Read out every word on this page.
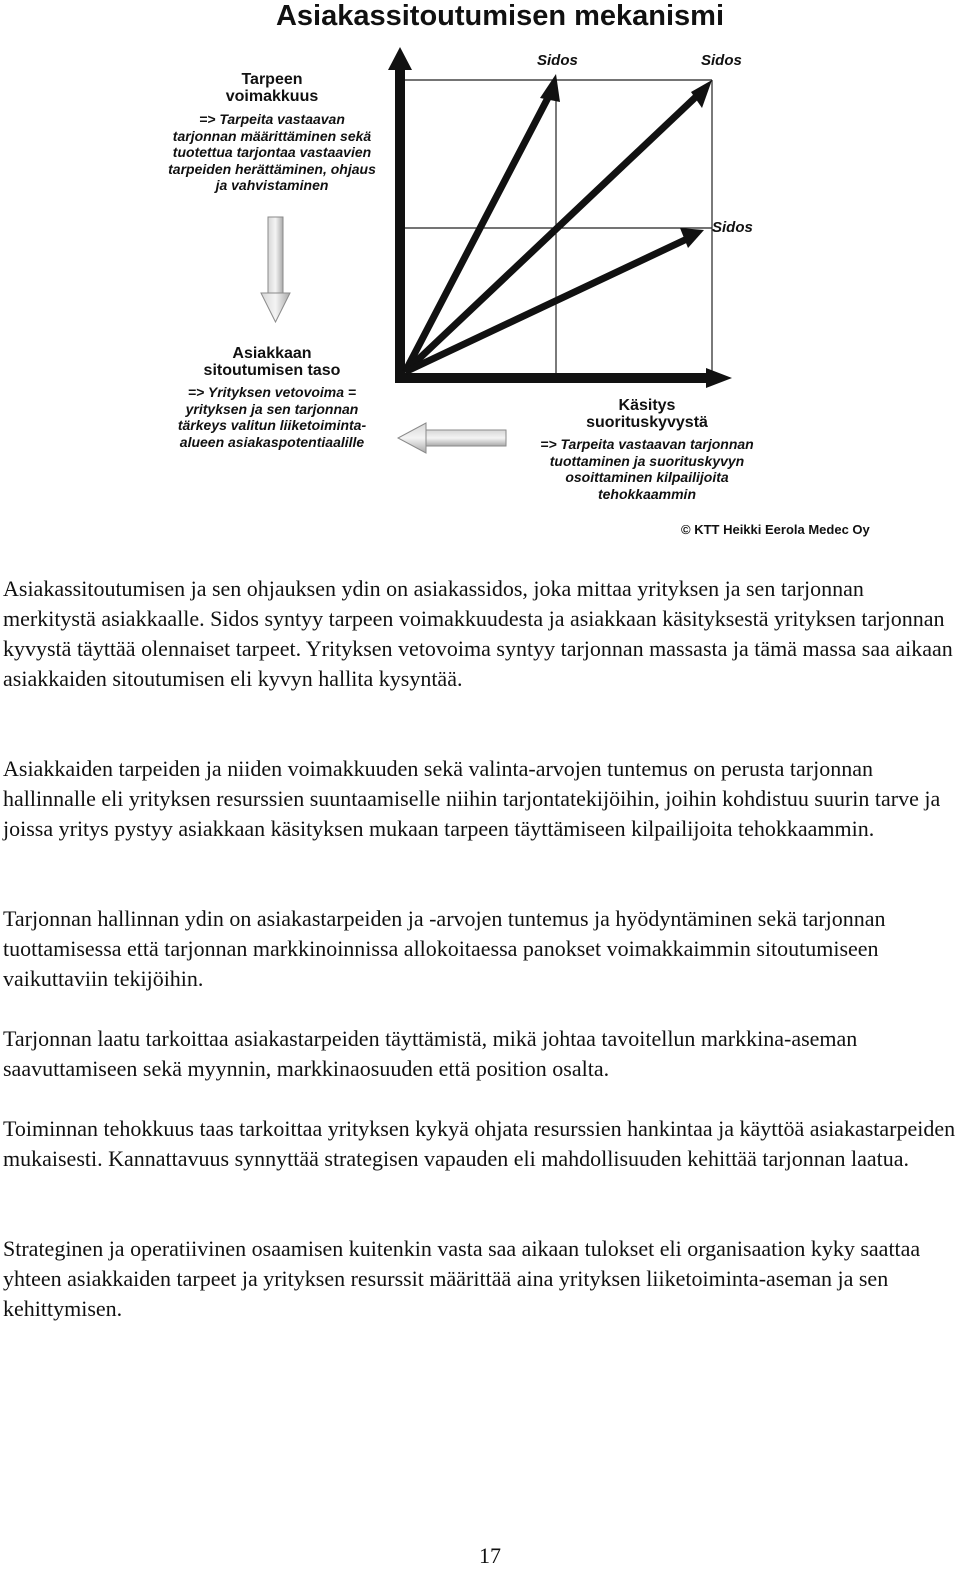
Asiakassitoutumisen mekanismi
Sidos	Sidos
Sidos
Tarpeen
voimakkuus
=> Tarpeita vastaavan
tarjonnan määrittäminen sekä
tuotettua tarjontaa vastaavien
tarpeiden herättäminen, ohjaus
ja vahvistaminen
Asiakkaan
sitoutumisen taso
=> Yrityksen vetovoima =
yrityksen ja sen tarjonnan
tärkeys valitun liiketoiminta-
alueen asiakaspotentiaalille
Käsitys
suorituskyvystä
=> Tarpeita vastaavan tarjonnan
tuottaminen ja suorituskyvyn
osoittaminen kilpailijoita
tehokkaammin
© KTT Heikki Eerola Medec Oy

Asiakassitoutumisen ja sen ohjauksen ydin on asiakassidos, joka mittaa yrityksen ja sen tarjonnan merkitystä asiakkaalle. Sidos syntyy tarpeen voimakkuudesta ja asiakkaan käsityksestä yrityksen tarjonnan kyvystä täyttää olennaiset tarpeet. Yrityksen vetovoima syntyy tarjonnan massasta ja tämä massa saa aikaan asiakkaiden sitoutumisen eli kyvyn hallita kysyntää.

Asiakkaiden tarpeiden ja niiden voimakkuuden sekä valinta-arvojen tuntemus on perusta tarjonnan hallinnalle eli yrityksen resurssien suuntaamiselle niihin tarjontatekijöihin, joihin kohdistuu suurin tarve ja joissa yritys pystyy asiakkaan käsityksen mukaan tarpeen täyttämiseen kilpailijoita tehokkaammin.

Tarjonnan hallinnan ydin on asiakastarpeiden ja -arvojen tuntemus ja hyödyntäminen sekä tarjonnan tuottamisessa että tarjonnan markkinoinnissa allokoitaessa panokset voimakkaimmin sitoutumiseen vaikuttaviin tekijöihin.

Tarjonnan laatu tarkoittaa asiakastarpeiden täyttämistä, mikä johtaa tavoitellun markkina-aseman saavuttamiseen sekä myynnin, markkinaosuuden että position osalta.

Toiminnan tehokkuus taas tarkoittaa yrityksen kykyä ohjata resurssien hankintaa ja käyttöä asiakastarpeiden mukaisesti. Kannattavuus synnyttää strategisen vapauden eli mahdollisuuden kehittää tarjonnan laatua.

Strateginen ja operatiivinen osaamisen kuitenkin vasta saa aikaan tulokset eli organisaation kyky saattaa yhteen asiakkaiden tarpeet ja yrityksen resurssit määrittää aina yrityksen liiketoiminta-aseman ja sen kehittymisen.

17
